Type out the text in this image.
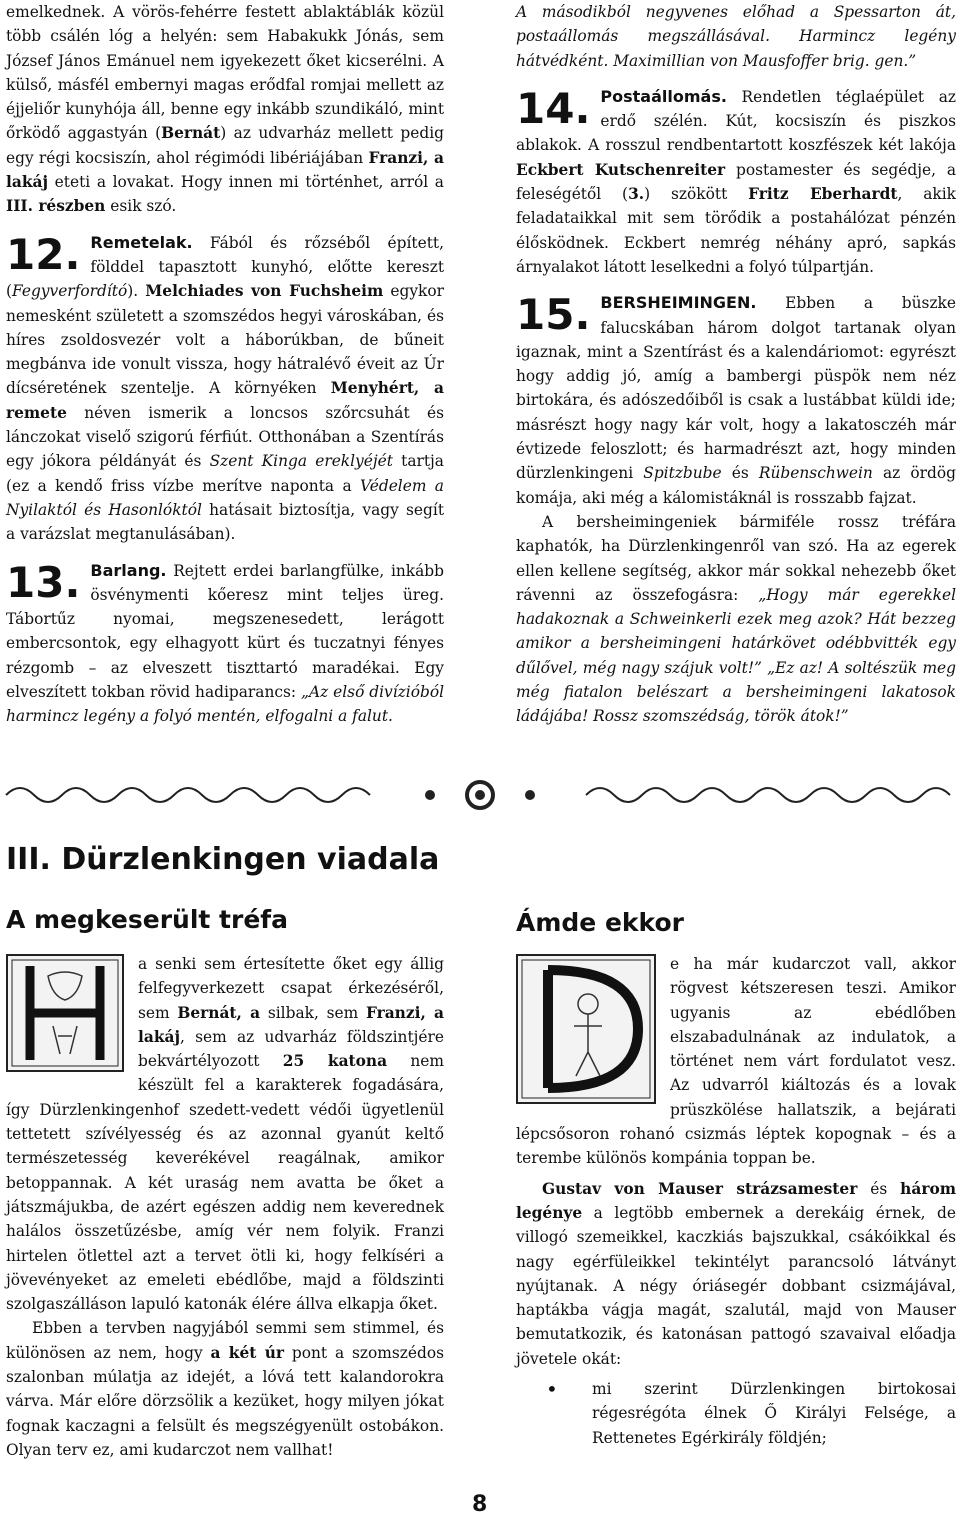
emelkednek. A vörös-fehérre festett ablaktáblák közül több csálén lóg a helyén: sem Habakukk Jónás, sem József János Emánuel nem igyekezett őket kicserélni. A külső, másfél embernyi magas erődfal romjai mellett az éjjeliőr kunyhója áll, benne egy inkább szundikáló, mint őrködő aggastyán (Bernát) az udvarház mellett pedig egy régi kocsiszín, ahol régimódi libériájában Franzi, a lakáj eteti a lovakat. Hogy innen mi történhet, arról a III. részben esik szó.

12. Remetelak. Fából és rőzséből épített, földdel tapasztott kunyhó, előtte kereszt (Fegyverfordító). Melchiades von Fuchsheim egykor nemesként született a szomszédos hegyi városkában, és híres zsoldosvezér volt a háborúkban, de bűneit megbánva ide vonult vissza, hogy hátralévő éveit az Úr dícséretének szentelje. A környéken Menyhért, a remete néven ismerik a loncsos szőrcsuhát és lánczokat viselő szigorú férfiút. Otthonában a Szentírás egy jókora példányát és Szent Kinga ereklyéjét tartja (ez a kendő friss vízbe merítve naponta a Védelem a Nyilaktól és Hasonlóktól hatásait biztosítja, vagy segít a varázslat megtanulásában).

13. Barlang. Rejtett erdei barlangfülke, inkább ösvénymenti kőeresz mint teljes üreg. Tábortűz nyomai, megszenesedett, lerágott embercsontok, egy elhagyott kürt és tuczatnyi fényes rézgomb – az elveszett tiszttartó maradékai. Egy elveszített tokban rövid hadiparancs: „Az első divízióból harmincz legény a folyó mentén, elfogalni a falut.

A másodikból negyvenes előhad a Spessarton át, postaállomás megszállásával. Harmincz legény hátvédként. Maximillian von Mausfoffer brig. gen.”

14. Postaállomás. Rendetlen téglaépület az erdő szélén. Kút, kocsiszín és piszkos ablakok. A rosszul rendbentartott koszfészek két lakója Eckbert Kutschenreiter postamester és segédje, a feleségétől (3.) szökött Fritz Eberhardt, akik feladataikkal mit sem törődik a postahálózat pénzén élősködnek. Eckbert nemrég néhány apró, sapkás árnyalakot látott leselkedni a folyó túlpartján.

15. BERSHEIMINGEN. Ebben a büszke falucskában három dolgot tartanak olyan igaznak, mint a Szentírást és a kalendáriomot: egyrészt hogy addig jó, amíg a bambergi püspök nem néz birtokára, és adószedőiből is csak a lustábbat küldi ide; másrészt hogy nagy kár volt, hogy a lakatosczéh már évtizede feloszlott; és harmadrészt azt, hogy minden dürzlenkingeni Spitzbube és Rübenschwein az ördög komája, aki még a kálomistáknál is rosszabb fajzat.

A bersheimingeniek bármiféle rossz tréfára kaphatók, ha Dürzlenkingenről van szó. Ha az egerek ellen kellene segítség, akkor már sokkal nehezebb őket rávenni az összefogásra: „Hogy már egerekkel hadakoznak a Schweinkerli ezek meg azok? Hát bezzeg amikor a bersheimingeni határkövet odébbvitték egy dűlővel, még nagy szájuk volt!” „Ez az! A soltészük meg még fiatalon belészart a bersheimingeni lakatosok ládájába! Rossz szomszédság, török átok!”

III. Dürzlenkingen viadala
A megkeserült tréfa	Ámde ekkor

a senki sem értesítette őket egy állig felfegyverkezett csapat érkezéséről, sem Bernát, a silbak, sem Franzi, a lakáj, sem az udvarház földszintjére bekvártélyozott 25 katona nem készült fel a karakterek fogadására, így Dürzlenkingenhof szedett-vedett védői ügyetlenül tettetett szívélyesség és az azonnal gyanút keltő természetesség keverékével reagálnak, amikor betoppannak. A két uraság nem avatta be őket a játszmájukba, de azért egészen addig nem keverednek halálos összetűzésbe, amíg vér nem folyik. Franzi hirtelen ötlettel azt a tervet ötli ki, hogy felkíséri a jövevényeket az emeleti ebédlőbe, majd a földszinti szolgaszálláson lapuló katonák élére állva elkapja őket.

Ebben a tervben nagyjából semmi sem stimmel, és különösen az nem, hogy a két úr pont a szomszédos szalonban múlatja az idejét, a lóvá tett kalandorokra várva. Már előre dörzsölik a kezüket, hogy milyen jókat fognak kaczagni a felsült és megszégyenült ostobákon. Olyan terv ez, ami kudarczot nem vallhat!

e ha már kudarczot vall, akkor rögvest kétszeresen teszi. Amikor ugyanis az ebédlőben elszabadulnának az indulatok, a történet nem várt fordulatot vesz. Az udvarról kiáltozás és a lovak prüszkölése hallatszik, a bejárati lépcsősoron rohanó csizmás léptek kopognak – és a terembe különös kompánia toppan be.

Gustav von Mauser strázsamester és három legénye a legtöbb embernek a derekáig érnek, de villogó szemeikkel, kaczkiás bajszukkal, csákóikkal és nagy egérfüleikkel tekintélyt parancsoló látványt nyújtanak. A négy óriásegér dobbant csizmájával, haptákba vágja magát, szalutál, majd von Mauser bemutatkozik, és katonásan pattogó szavaival előadja jövetele okát:

• mi szerint Dürzlenkingen birtokosai régesrégóta élnek Ő Királyi Felsége, a Rettenetes Egérkirály földjén;
8
